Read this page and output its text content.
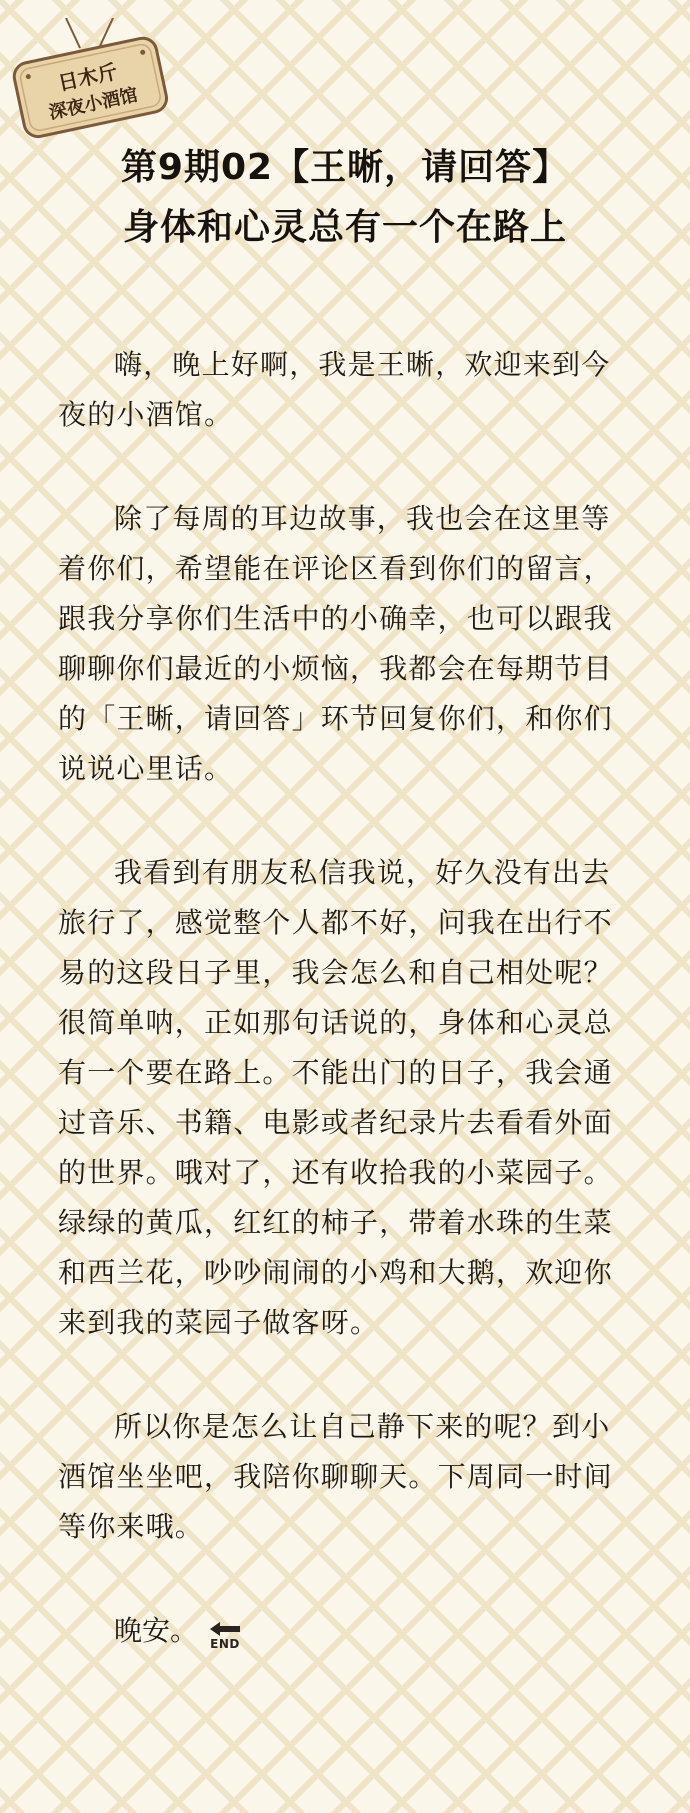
日木斤
深夜小酒馆
第9期02【王晰，请回答】
身体和心灵总有一个在路上

嗨，晚上好啊，我是王晰，欢迎来到今夜的小酒馆。

除了每周的耳边故事，我也会在这里等着你们，希望能在评论区看到你们的留言，跟我分享你们生活中的小确幸，也可以跟我聊聊你们最近的小烦恼，我都会在每期节目的「王晰，请回答」环节回复你们，和你们说说心里话。

我看到有朋友私信我说，好久没有出去旅行了，感觉整个人都不好，问我在出行不易的这段日子里，我会怎么和自己相处呢？很简单呐，正如那句话说的，身体和心灵总有一个要在路上。不能出门的日子，我会通过音乐、书籍、电影或者纪录片去看看外面的世界。哦对了，还有收拾我的小菜园子。绿绿的黄瓜，红红的柿子，带着水珠的生菜和西兰花，吵吵闹闹的小鸡和大鹅，欢迎你来到我的菜园子做客呀。

所以你是怎么让自己静下来的呢？到小酒馆坐坐吧，我陪你聊聊天。下周同一时间等你来哦。

晚安。 END
